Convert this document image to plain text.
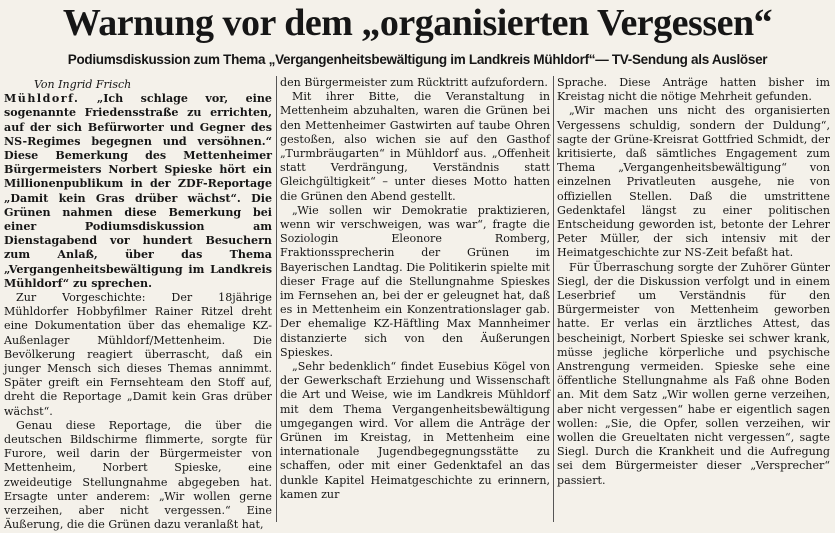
Warnung vor dem „organisierten Vergessen“
Podiumsdiskussion zum Thema „Vergangenheitsbewältigung im Landkreis Mühldorf“— TV-Sendung als Auslöser

Von Ingrid Frisch

Mühldorf. „Ich schlage vor, eine sogenannte Friedensstraße zu errichten, auf der sich Befürworter und Gegner des NS-Regimes begegnen und versöhnen.“ Diese Bemerkung des Mettenheimer Bürgermeisters Norbert Spieske hört ein Millionenpublikum in der ZDF-Reportage „Damit kein Gras drüber wächst“. Die Grünen nahmen diese Bemerkung bei einer Podiumsdiskussion am Dienstagabend vor hundert Besuchern zum Anlaß, über das Thema „Vergangenheitsbewältigung im Landkreis Mühldorf“ zu sprechen.

Zur Vorgeschichte: Der 18jährige Mühldorfer Hobbyfilmer Rainer Ritzel dreht eine Dokumentation über das ehemalige KZ-Außenlager Mühldorf/Mettenheim. Die Bevölkerung reagiert überrascht, daß ein junger Mensch sich dieses Themas annimmt. Später greift ein Fernsehteam den Stoff auf, dreht die Reportage „Damit kein Gras drüber wächst“.

Genau diese Reportage, die über die deutschen Bildschirme flimmerte, sorgte für Furore, weil darin der Bürgermeister von Mettenheim, Norbert Spieske, eine zweideutige Stellungnahme abgegeben hat. Ersagte unter anderem: „Wir wollen gerne verzeihen, aber nicht vergessen.“ Eine Äußerung, die die Grünen dazu veranlaßt hat,

den Bürgermeister zum Rücktritt aufzufordern.

Mit ihrer Bitte, die Veranstaltung in Mettenheim abzuhalten, waren die Grünen bei den Mettenheimer Gastwirten auf taube Ohren gestoßen, also wichen sie auf den Gasthof „Turmbräugarten“ in Mühldorf aus. „Offenheit statt Verdrängung, Verständnis statt Gleichgültigkeit“ – unter dieses Motto hatten die Grünen den Abend gestellt.

„Wie sollen wir Demokratie praktizieren, wenn wir verschweigen, was war“, fragte die Soziologin Eleonore Romberg, Fraktionssprecherin der Grünen im Bayerischen Landtag. Die Politikerin spielte mit dieser Frage auf die Stellungnahme Spieskes im Fernsehen an, bei der er geleugnet hat, daß es in Mettenheim ein Konzentrationslager gab. Der ehemalige KZ-Häftling Max Mannheimer distanzierte sich von den Äußerungen Spieskes.

„Sehr bedenklich“ findet Eusebius Kögel von der Gewerkschaft Erziehung und Wissenschaft die Art und Weise, wie im Landkreis Mühldorf mit dem Thema Vergangenheitsbewältigung umgegangen wird. Vor allem die Anträge der Grünen im Kreistag, in Mettenheim eine internationale Jugendbegegnungsstätte zu schaffen, oder mit einer Gedenktafel an das dunkle Kapitel Heimatgeschichte zu erinnern, kamen zur

Sprache. Diese Anträge hatten bisher im Kreistag nicht die nötige Mehrheit gefunden.

„Wir machen uns nicht des organisierten Vergessens schuldig, sondern der Duldung“, sagte der Grüne-Kreisrat Gottfried Schmidt, der kritisierte, daß sämtliches Engagement zum Thema „Vergangenheitsbewältigung“ von einzelnen Privatleuten ausgehe, nie von offiziellen Stellen. Daß die umstrittene Gedenktafel längst zu einer politischen Entscheidung geworden ist, betonte der Lehrer Peter Müller, der sich intensiv mit der Heimatgeschichte zur NS-Zeit befaßt hat.

Für Überraschung sorgte der Zuhörer Günter Siegl, der die Diskussion verfolgt und in einem Leserbrief um Verständnis für den Bürgermeister von Mettenheim geworben hatte. Er verlas ein ärztliches Attest, das bescheinigt, Norbert Spieske sei schwer krank, müsse jegliche körperliche und psychische Anstrengung vermeiden. Spieske sehe eine öffentliche Stellungnahme als Faß ohne Boden an. Mit dem Satz „Wir wollen gerne verzeihen, aber nicht vergessen“ habe er eigentlich sagen wollen: „Sie, die Opfer, sollen verzeihen, wir wollen die Greueltaten nicht vergessen“, sagte Siegl. Durch die Krankheit und die Aufregung sei dem Bürgermeister dieser „Versprecher“ passiert.
